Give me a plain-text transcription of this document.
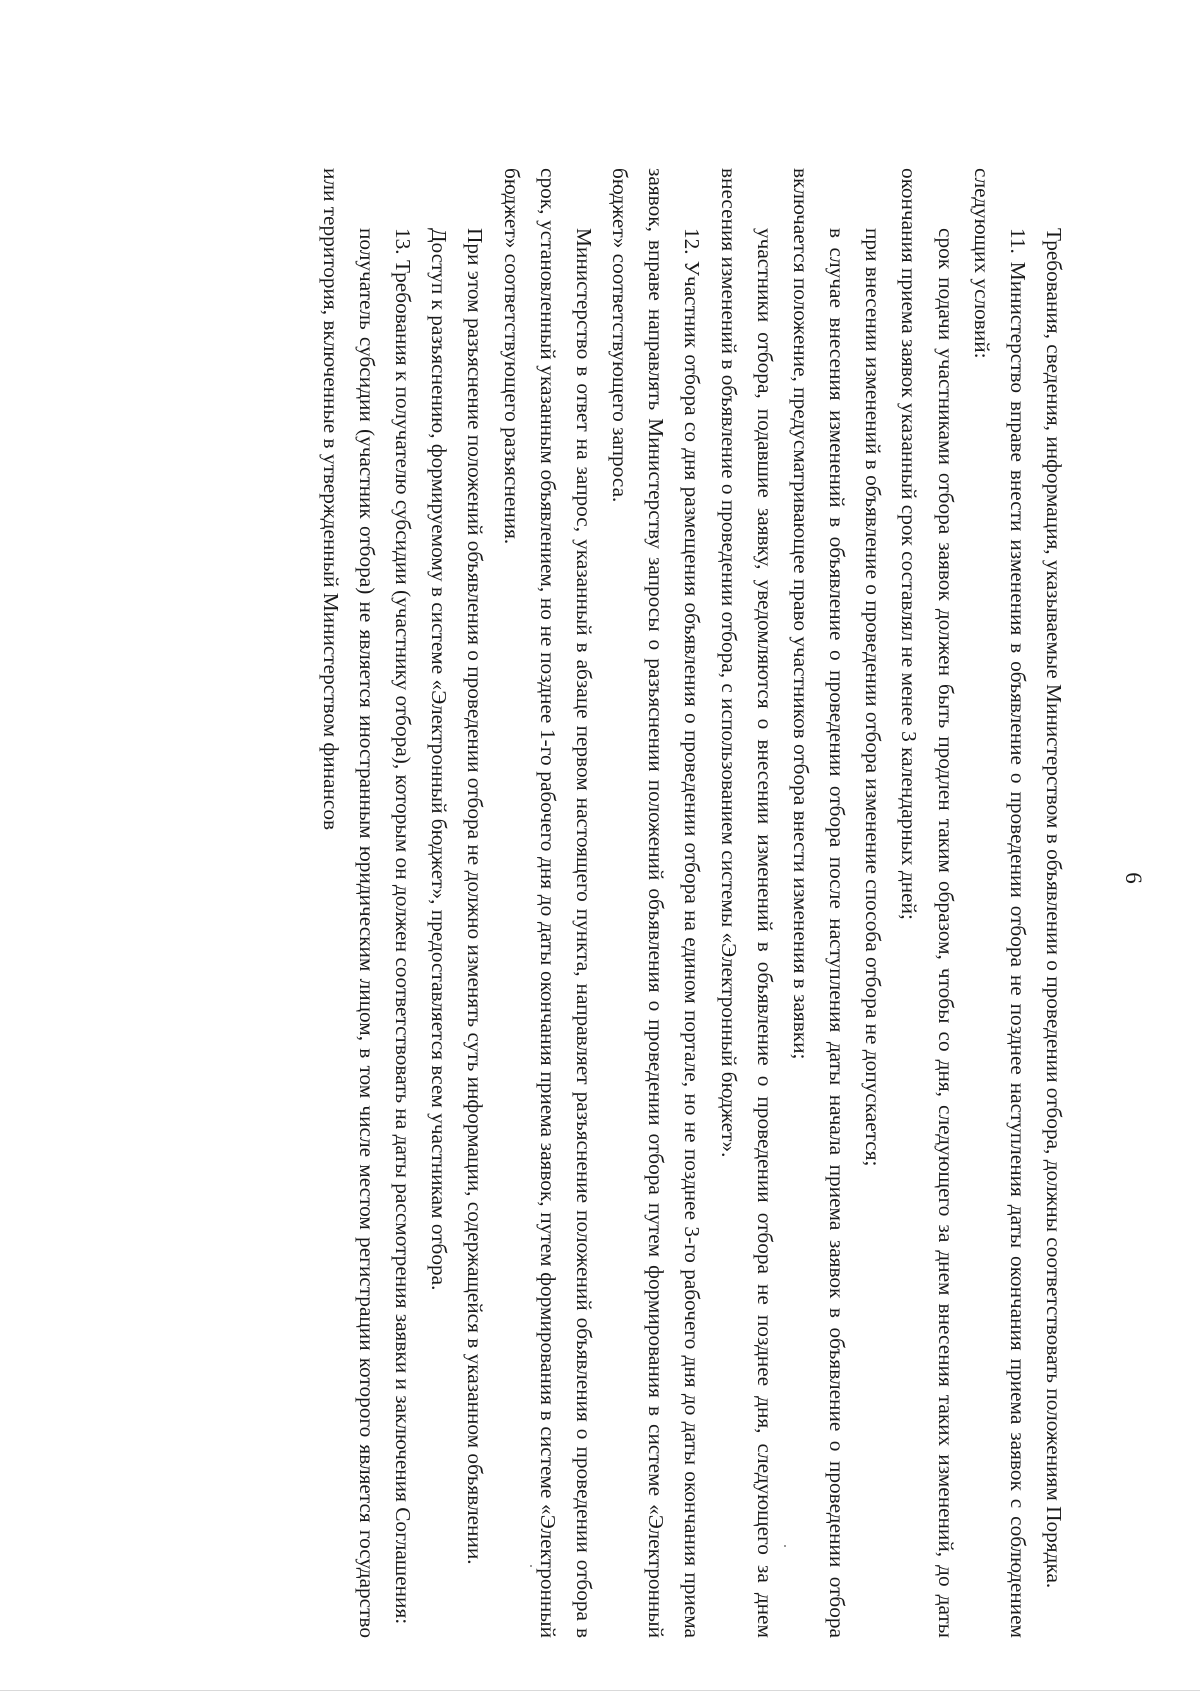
6

Требования, сведения, информация, указываемые Министерством в объявлении о проведении отбора, должны соответствовать положениям Порядка.

11. Министерство вправе внести изменения в объявление о проведении отбора не позднее наступления даты окончания приема заявок с соблюдением следующих условий:

срок подачи участниками отбора заявок должен быть продлен таким образом, чтобы со дня, следующего за днем внесения таких изменений, до даты окончания приема заявок указанный срок составлял не менее 3 календарных дней;

при внесении изменений в объявление о проведении отбора изменение способа отбора не допускается;

в случае внесения изменений в объявление о проведении отбора после наступления даты начала приема заявок в объявление о проведении отбора включается положение, предусматривающее право участников отбора внести изменения в заявки;

участники отбора, подавшие заявку, уведомляются о внесении изменений в объявление о проведении отбора не позднее дня, следующего за днем внесения изменений в объявление о проведении отбора, с использованием системы «Электронный бюджет».

12. Участник отбора со дня размещения объявления о проведении отбора на едином портале, но не позднее 3-го рабочего дня до даты окончания приема заявок, вправе направлять Министерству запросы о разъяснении положений объявления о проведении отбора путем формирования в системе «Электронный бюджет» соответствующего запроса.

Министерство в ответ на запрос, указанный в абзаце первом настоящего пункта, направляет разъяснение положений объявления о проведении отбора в срок, установленный указанным объявлением, но не позднее 1-го рабочего дня до даты окончания приема заявок, путем формирования в системе «Электронный бюджет» соответствующего разъяснения.

При этом разъяснение положений объявления о проведении отбора не должно изменять суть информации, содержащейся в указанном объявлении.

Доступ к разъяснению, формируемому в системе «Электронный бюджет», предоставляется всем участникам отбора.

13. Требования к получателю субсидии (участнику отбора), которым он должен соответствовать на даты рассмотрения заявки и заключения Соглашения:

получатель субсидии (участник отбора) не является иностранным юридическим лицом, в том числе местом регистрации которого является государство или территория, включенные в утвержденный Министерством финансов
